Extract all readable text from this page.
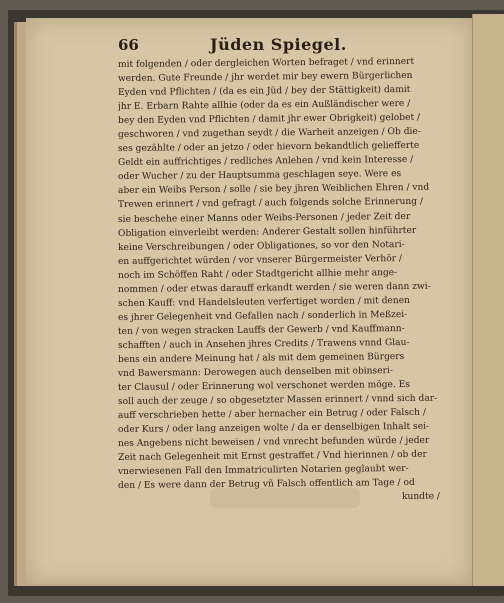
66	Jüden Spiegel.
mit folgenden / oder dergleichen Worten befraget / vnd erinnert
werden. Gute Freunde / jhr werdet mir bey ewern Bürgerlichen
Eyden vnd Pflichten / (da es ein Jüd / bey der Stättigkeit) damit
jhr E. Erbarn Rahte allhie (oder da es ein Außländischer were /
bey den Eyden vnd Pflichten / damit jhr ewer Obrigkeit) gelobet /
geschworen / vnd zugethan seydt / die Warheit anzeigen / Ob die-
ses gezählte / oder an jetzo / oder hievorn bekandtlich geliefferte
Geldt ein auffrichtiges / redliches Anlehen / vnd kein Interesse /
oder Wucher / zu der Hauptsumma geschlagen seye. Were es
aber ein Weibs Person / solle / sie bey jhren Weiblichen Ehren / vnd
Trewen erinnert / vnd gefragt / auch folgends solche Erinnerung /
sie beschehe einer Manns oder Weibs-Personen / jeder Zeit der
Obligation einverleibt werden: Anderer Gestalt sollen hinführter
keine Verschreibungen / oder Obligationes, so vor den Notari-
en auffgerichtet würden / vor vnserer Bürgermeister Verhör /
noch im Schöffen Raht / oder Stadtgericht allhie mehr ange-
nommen / oder etwas darauff erkandt werden / sie weren dann zwi-
schen Kauff: vnd Handelsleuten verfertiget worden / mit denen
es jhrer Gelegenheit vnd Gefallen nach / sonderlich in Meßzei-
ten / von wegen stracken Lauffs der Gewerb / vnd Kauffmann-
schafften / auch in Ansehen jhres Credits / Trawens vnnd Glau-
bens ein andere Meinung hat / als mit dem gemeinen Bürgers
vnd Bawersmann: Derowegen auch denselben mit obinseri-
ter Clausul / oder Erinnerung wol verschonet werden möge. Es
soll auch der zeuge / so obgesetzter Massen erinnert / vnnd sich dar-
auff verschrieben hette / aber hernacher ein Betrug / oder Falsch /
oder Kurs / oder lang anzeigen wolte / da er denselbigen Inhalt sei-
nes Angebens nicht beweisen / vnd vnrecht befunden würde / jeder
Zeit nach Gelegenheit mit Ernst gestraffet / Vnd hierinnen / ob der
vnerwiesenen Fall den Immatriculirten Notarien geglaubt wer-
den / Es were dann der Betrug vñ Falsch offentlich am Tage / od
kundte /
